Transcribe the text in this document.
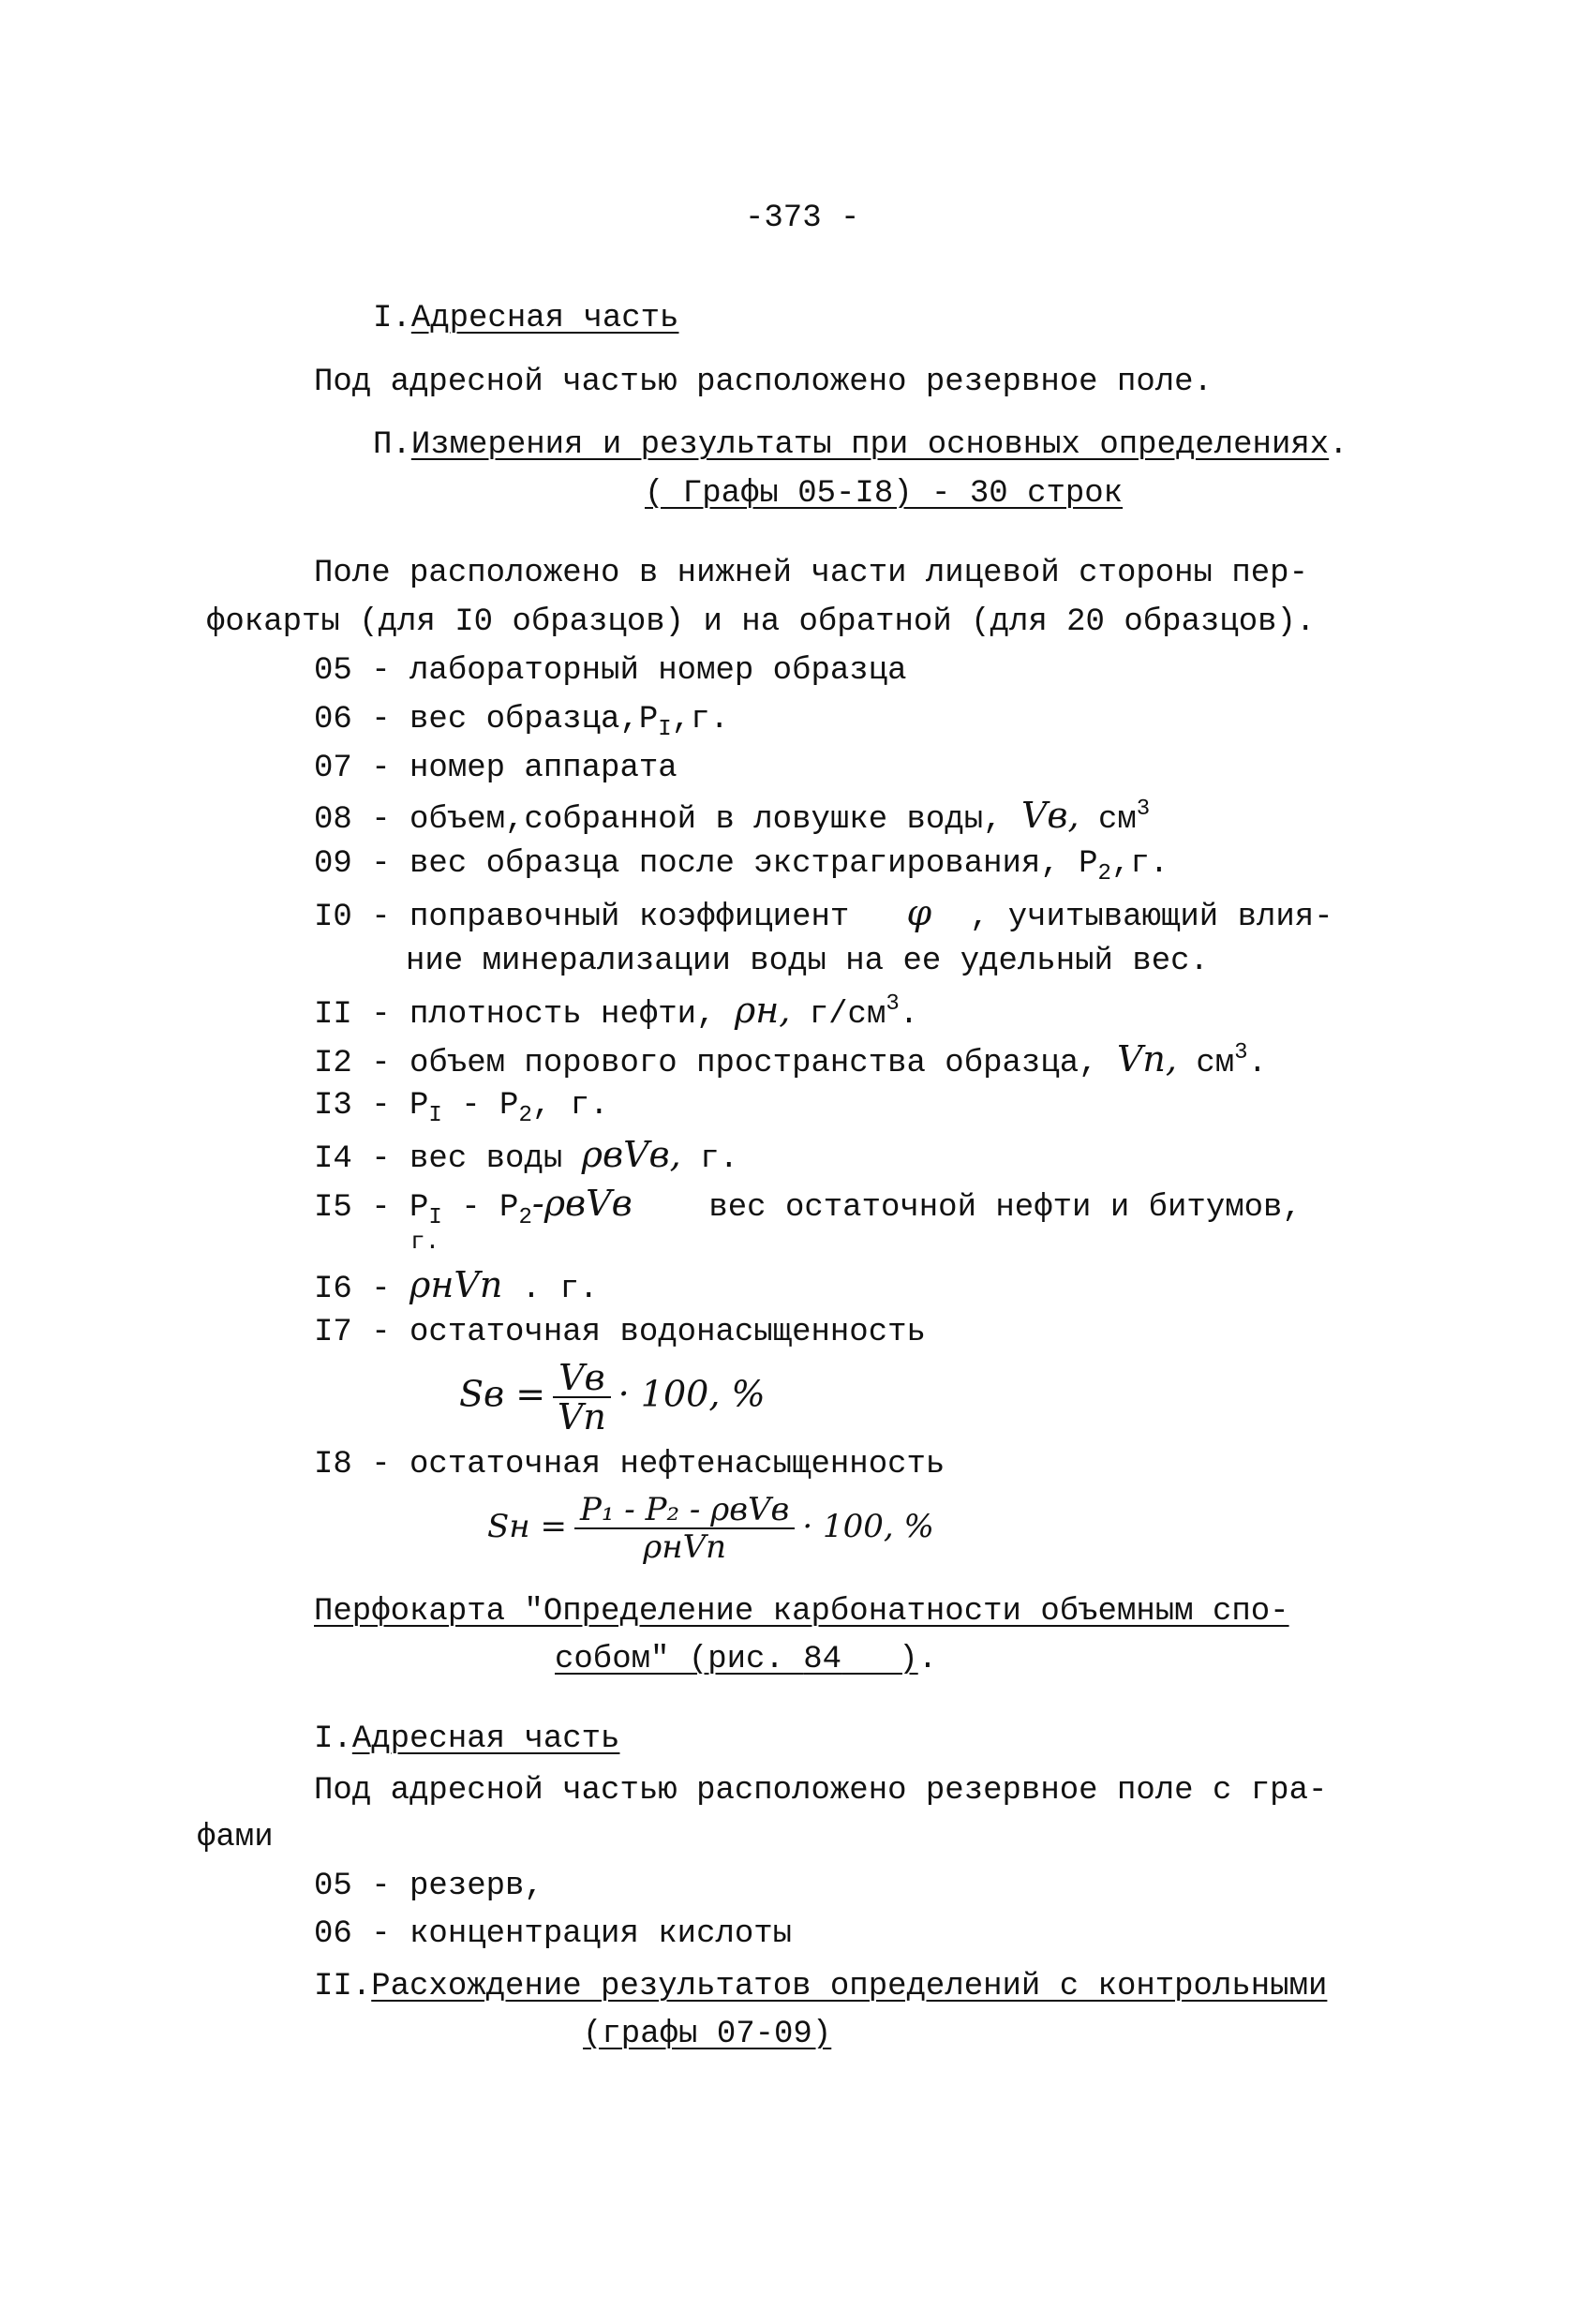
-373 -
I.Адресная часть
Под адресной частью расположено резервное поле.
П.Измерения и результаты при основных определениях.
( Графы 05-I8) - 30 строк
Поле расположено в нижней части лицевой стороны пер-
фокарты (для I0 образцов) и на обратной (для 20 образцов).
05 - лабораторный номер образца
06 - вес $образца,Р_I,г$.
07 - номер аппарата
08 - объем,собранной в ловушке воды, Vв, $см^3$
09 - вес образца после экстрагирования, $Р_2,г$.
I0 - поправочный коэффициент φ , учитывающий влия-
ние минерализации воды на ее удельный вес.
II - плотность нефти, ρн, $г/см^3$.
I2 - объем порового пространства образца, Vп, $см^3$.
$I3 - Р_I - Р_2$, г.
I4 - вес воды ρвVв, г.
$I5 - Р_I - Р_2-\rho вVв$ вес остаточной нефти и битумов,
г.
I6 - ρнVп . г.
I7 - остаточная водонасыщенность
Sв = $\frac{Vв}{Vп} \cdot 100$, %
I8 - остаточная нефтенасыщенность
Sн = $\frac{\text{P₁ - P₂ - ρвVв}}{\text{ρнVп}} \cdot 100$, %
Перфокарта "Определение карбонатности объемным спо-
собом" (рис. 84   ).
I.Адресная часть
Под адресной частью расположено резервное поле с гра-
фами
05 - резерв,
06 - концентрация кислоты
II.Расхождение результатов определений с контрольными
(графы 07-09)
